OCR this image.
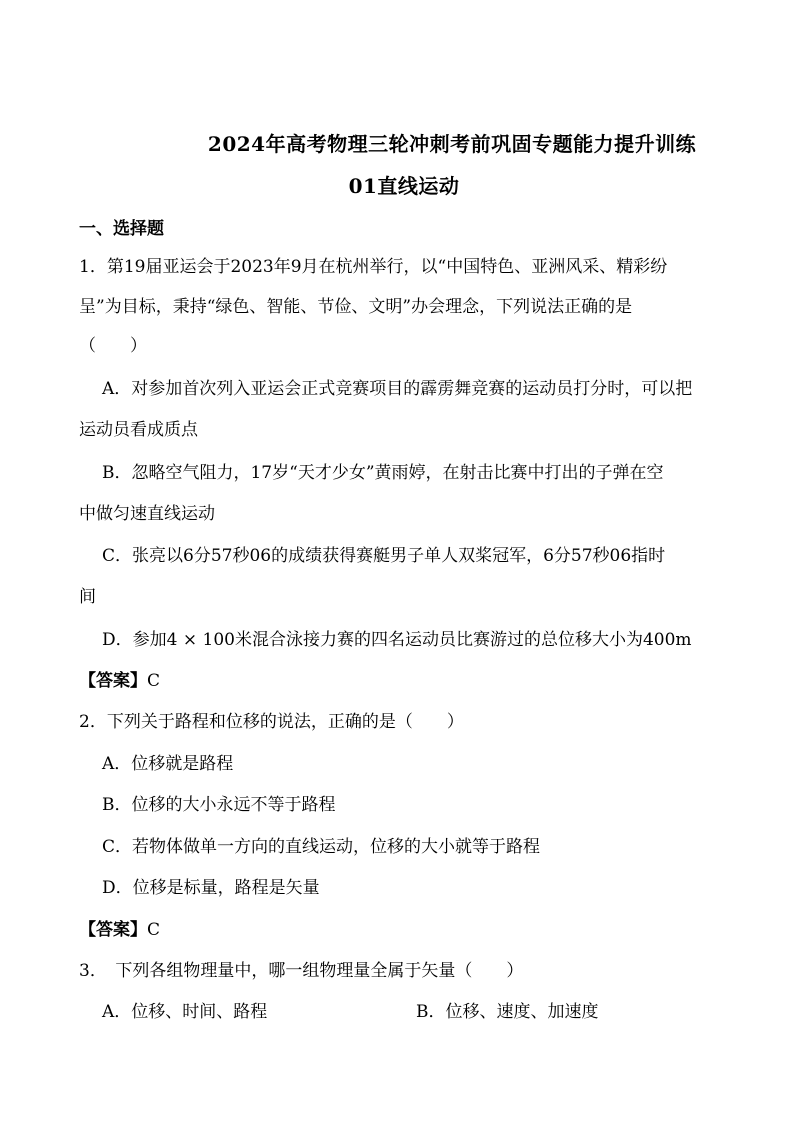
2024年高考物理三轮冲刺考前巩固专题能力提升训练
01直线运动
一、选择题
1．第19届亚运会于2023年9月在杭州举行，以“中国特色、亚洲风采、精彩纷
呈”为目标，秉持“绿色、智能、节俭、文明”办会理念，下列说法正确的是
（　　）
A．对参加首次列入亚运会正式竞赛项目的霹雳舞竞赛的运动员打分时，可以把
运动员看成质点
B．忽略空气阻力，17岁“天才少女”黄雨婷，在射击比赛中打出的子弹在空
中做匀速直线运动
C．张亮以6分57秒06的成绩获得赛艇男子单人双桨冠军，6分57秒06指时
间
D．参加4 × 100米混合泳接力赛的四名运动员比赛游过的总位移大小为400m
【答案】C
2．下列关于路程和位移的说法，正确的是（　　）
A．位移就是路程
B．位移的大小永远不等于路程
C．若物体做单一方向的直线运动，位移的大小就等于路程
D．位移是标量，路程是矢量
【答案】C
3．　下列各组物理量中，哪一组物理量全属于矢量（　　）
A．位移、时间、路程	B．位移、速度、加速度
